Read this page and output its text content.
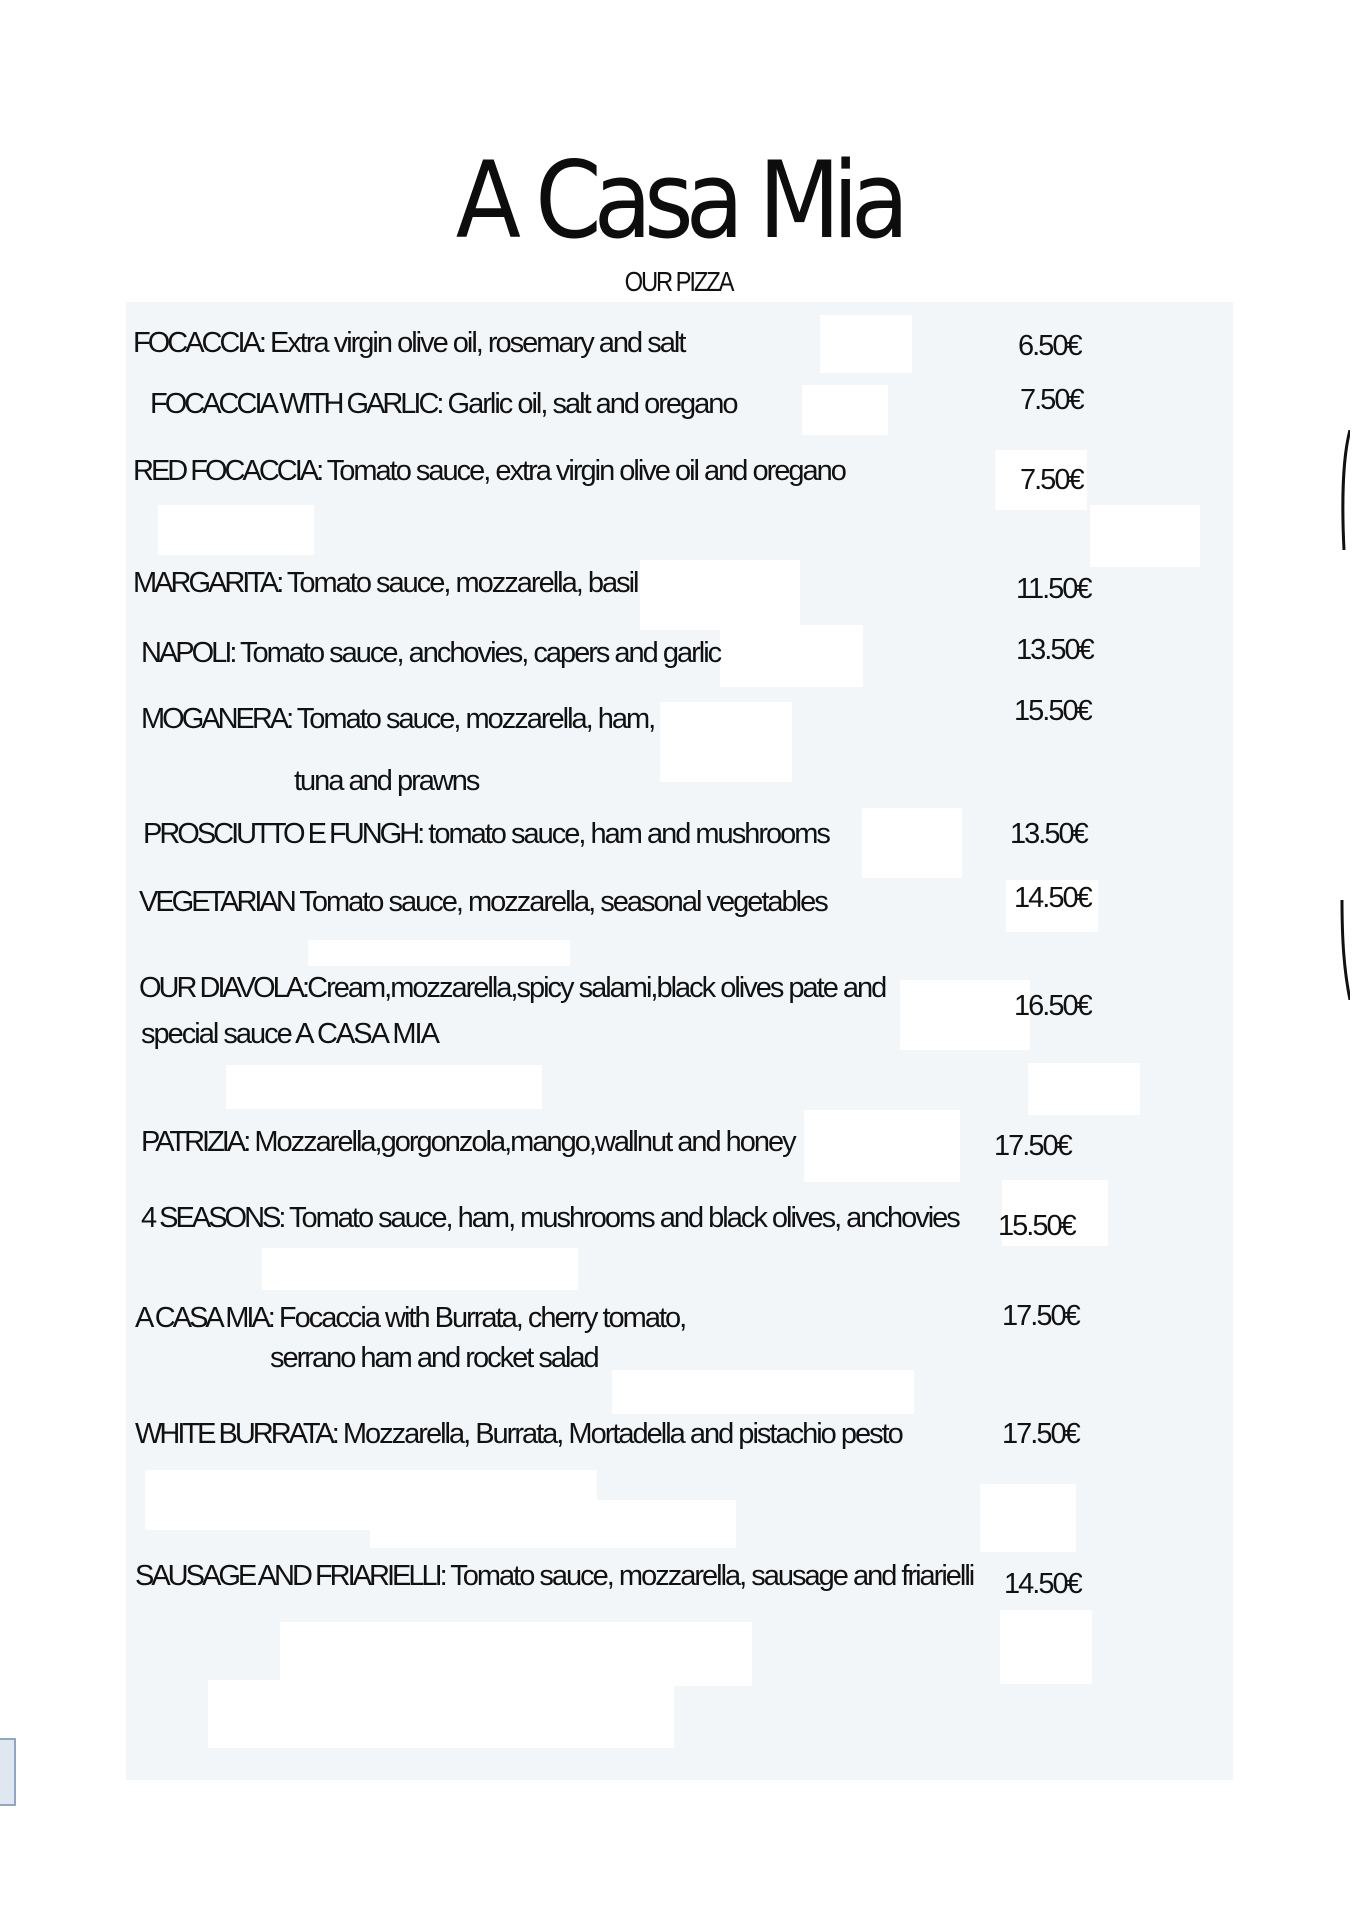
A Casa Mia
OUR PIZZA
FOCACCIA: Extra virgin olive oil, rosemary and salt	6.50€
FOCACCIA WITH GARLIC: Garlic oil, salt and oregano	7.50€
RED FOCACCIA: Tomato sauce, extra virgin olive oil and oregano	7.50€
MARGARITA: Tomato sauce, mozzarella, basil	11.50€
NAPOLI: Tomato sauce, anchovies, capers and garlic	13.50€
MOGANERA: Tomato sauce, mozzarella, ham,
tuna and prawns
15.50€
PROSCIUTTO E FUNGH: tomato sauce, ham and mushrooms	13.50€
VEGETARIAN Tomato sauce, mozzarella, seasonal vegetables	14.50€
OUR DIAVOLA:Cream,mozzarella,spicy salami,black olives pate and
special sauce A CASA MIA
16.50€
PATRIZIA: Mozzarella,gorgonzola,mango,wallnut and honey	17.50€
4 SEASONS: Tomato sauce, ham, mushrooms and black olives, anchovies 15.50€
A CASA MIA: Focaccia with Burrata, cherry tomato,
serrano ham and rocket salad
17.50€
WHITE BURRATA: Mozzarella, Burrata, Mortadella and pistachio pesto	17.50€
SAUSAGE AND FRIARIELLI: Tomato sauce, mozzarella, sausage and friarielli 14.50€
